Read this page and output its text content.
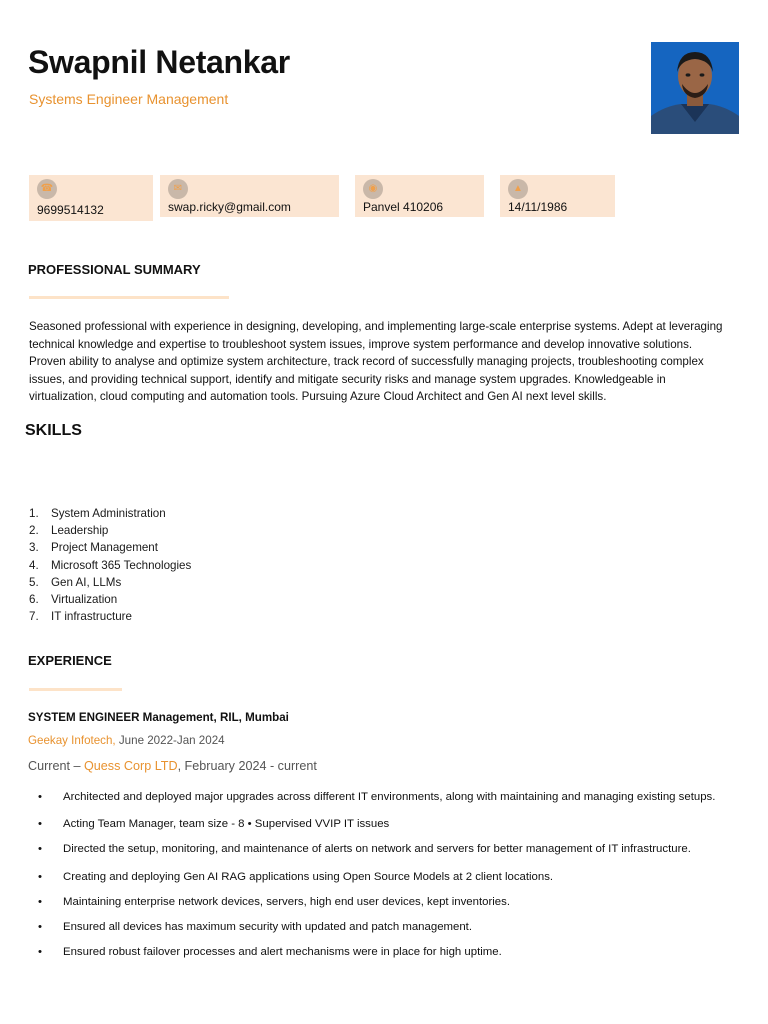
Swapnil Netankar
Systems Engineer Management
☎
9699514132
✉
swap.ricky@gmail.com
◉
Panvel 410206
▲
14/11/1986
PROFESSIONAL SUMMARY
Seasoned professional with experience in designing, developing, and implementing large-scale enterprise systems. Adept at leveraging technical knowledge and expertise to troubleshoot system issues, improve system performance and develop innovative solutions. Proven ability to analyse and optimize system architecture, track record of successfully managing projects, troubleshooting complex issues, and providing technical support, identify and mitigate security risks and manage system upgrades. Knowledgeable in virtualization, cloud computing and automation tools. Pursuing Azure Cloud Architect and Gen AI next level skills.
SKILLS
1. System Administration
2. Leadership
3. Project Management
4. Microsoft 365 Technologies
5. Gen AI, LLMs
6. Virtualization
7. IT infrastructure
EXPERIENCE
SYSTEM ENGINEER Management, RIL, Mumbai
Geekay Infotech, June 2022-Jan 2024
Current – Quess Corp LTD, February 2024 - current
• Architected and deployed major upgrades across different IT environments, along with maintaining and managing existing setups.
• Acting Team Manager, team size - 8 • Supervised VVIP IT issues
• Directed the setup, monitoring, and maintenance of alerts on network and servers for better management of IT infrastructure.
• Creating and deploying Gen AI RAG applications using Open Source Models at 2 client locations.
• Maintaining enterprise network devices, servers, high end user devices, kept inventories.
• Ensured all devices has maximum security with updated and patch management.
• Ensured robust failover processes and alert mechanisms were in place for high uptime.
